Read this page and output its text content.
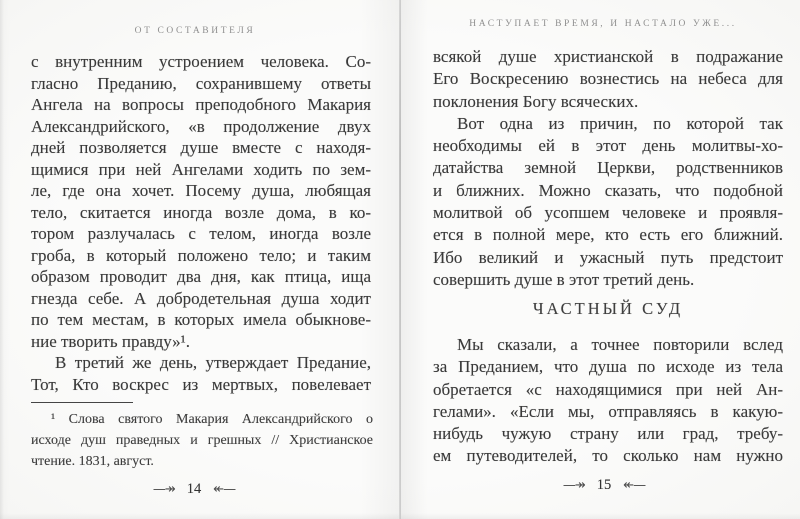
ОТ СОСТАВИТЕЛЯ
с внутренним устроением человека. Со-
гласно Преданию, сохранившему ответы
Ангела на вопросы преподобного Макария
Александрийского, «в продолжение двух
дней позволяется душе вместе с находя-
щимися при ней Ангелами ходить по зем-
ле, где она хочет. Посему душа, любящая
тело, скитается иногда возле дома, в ко-
тором разлучалась с телом, иногда возле
гроба, в который положено тело; и таким
образом проводит два дня, как птица, ища
гнезда себе. А добродетельная душа ходит
по тем местам, в которых имела обыкнове-
ние творить правду»¹.
В третий же день, утверждает Предание,
Тот, Кто воскрес из мертвых, повелевает
¹ Слова святого Макария Александрийского о
исходе душ праведных и грешных // Христианское
чтение. 1831, август.
—↠ 14 ↞—
НАСТУПАЕТ ВРЕМЯ, И НАСТАЛО УЖЕ...
всякой душе христианской в подражание
Его Воскресению вознестись на небеса для
поклонения Богу всяческих.
Вот одна из причин, по которой так
необходимы ей в этот день молитвы-хо-
датайства земной Церкви, родственников
и ближних. Можно сказать, что подобной
молитвой об усопшем человеке и проявля-
ется в полной мере, кто есть его ближний.
Ибо великий и ужасный путь предстоит
совершить душе в этот третий день.
ЧАСТНЫЙ СУД
Мы сказали, а точнее повторили вслед
за Преданием, что душа по исходе из тела
обретается «с находящимися при ней Ан-
гелами». «Если мы, отправляясь в какую-
нибудь чужую страну или град, требу-
ем путеводителей, то сколько нам нужно
—↠ 15 ↞—
